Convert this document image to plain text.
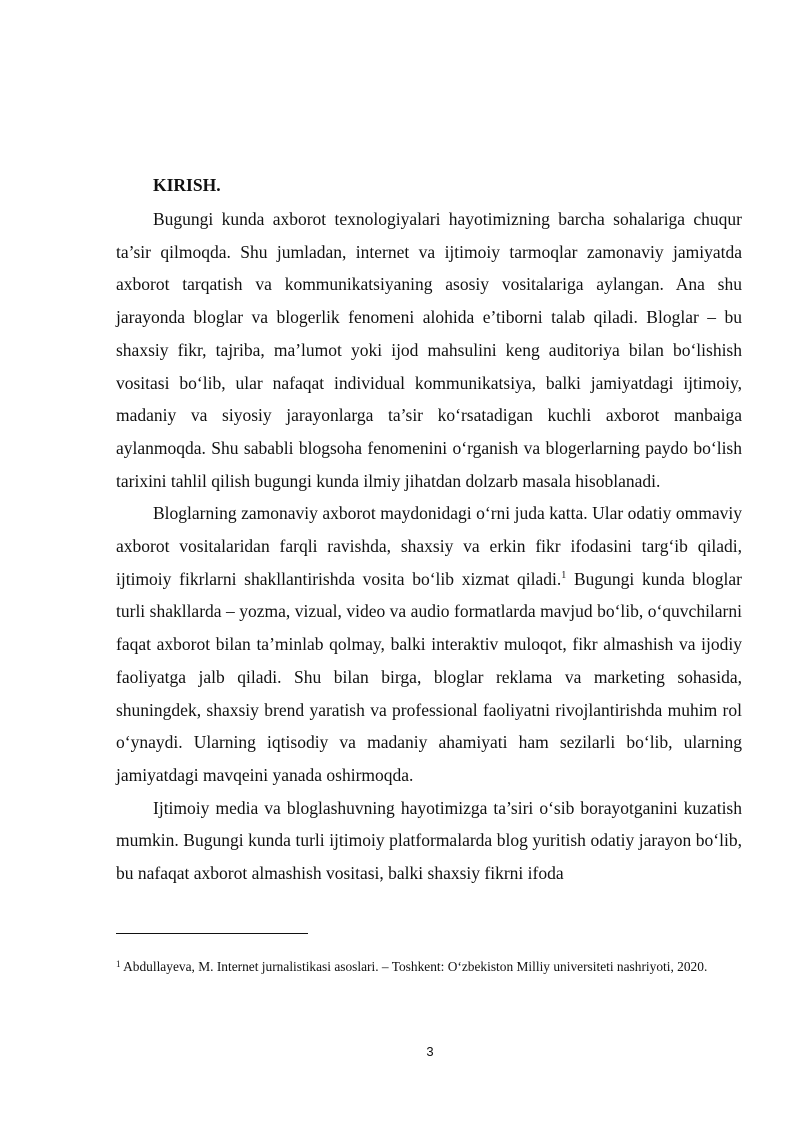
KIRISH.

Bugungi kunda axborot texnologiyalari hayotimizning barcha sohalariga chuqur ta’sir qilmoqda. Shu jumladan, internet va ijtimoiy tarmoqlar zamonaviy jamiyatda axborot tarqatish va kommunikatsiyaning asosiy vositalariga aylangan. Ana shu jarayonda bloglar va blogerlik fenomeni alohida e’tiborni talab qiladi. Bloglar – bu shaxsiy fikr, tajriba, ma’lumot yoki ijod mahsulini keng auditoriya bilan bo‘lishish vositasi bo‘lib, ular nafaqat individual kommunikatsiya, balki jamiyatdagi ijtimoiy, madaniy va siyosiy jarayonlarga ta’sir ko‘rsatadigan kuchli axborot manbaiga aylanmoqda. Shu sababli blogsoha fenomenini o‘rganish va blogerlarning paydo bo‘lish tarixini tahlil qilish bugungi kunda ilmiy jihatdan dolzarb masala hisoblanadi.

Bloglarning zamonaviy axborot maydonidagi o‘rni juda katta. Ular odatiy ommaviy axborot vositalaridan farqli ravishda, shaxsiy va erkin fikr ifodasini targ‘ib qiladi, ijtimoiy fikrlarni shakllantirishda vosita bo‘lib xizmat qiladi.$^1$ Bugungi kunda bloglar turli shakllarda – yozma, vizual, video va audio formatlarda mavjud bo‘lib, o‘quvchilarni faqat axborot bilan ta’minlab qolmay, balki interaktiv muloqot, fikr almashish va ijodiy faoliyatga jalb qiladi. Shu bilan birga, bloglar reklama va marketing sohasida, shuningdek, shaxsiy brend yaratish va professional faoliyatni rivojlantirishda muhim rol o‘ynaydi. Ularning iqtisodiy va madaniy ahamiyati ham sezilarli bo‘lib, ularning jamiyatdagi mavqeini yanada oshirmoqda.

Ijtimoiy media va bloglashuvning hayotimizga ta’siri o‘sib borayotganini kuzatish mumkin. Bugungi kunda turli ijtimoiy platformalarda blog yuritish odatiy jarayon bo‘lib, bu nafaqat axborot almashish vositasi, balki shaxsiy fikrni ifoda

$^1$ Abdullayeva, M. Internet jurnalistikasi asoslari. – Toshkent: O‘zbekiston Milliy universiteti nashriyoti, 2020.

3
